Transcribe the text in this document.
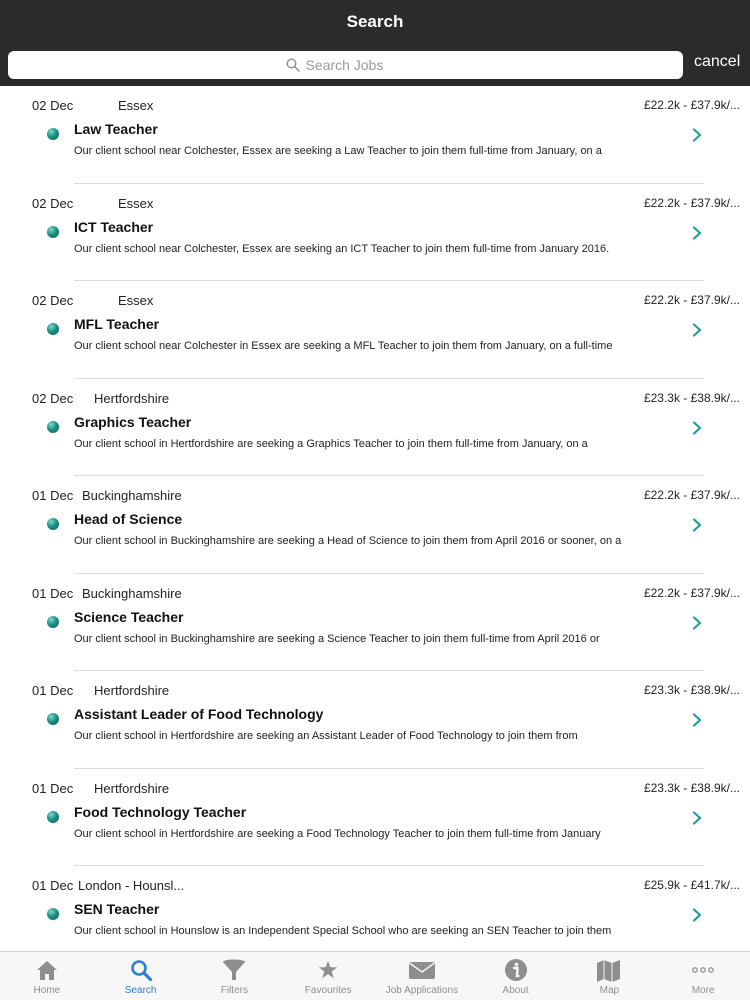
Search
Search Jobs
cancel
02 Dec	Essex	£22.2k - £37.9k/...
Law Teacher
Our client school near Colchester, Essex are seeking a Law Teacher to join them full-time from January, on a
02 Dec	Essex	£22.2k - £37.9k/...
ICT Teacher
Our client school near Colchester, Essex are seeking an ICT Teacher to join them full-time from January 2016.
02 Dec	Essex	£22.2k - £37.9k/...
MFL Teacher
Our client school near Colchester in Essex are seeking a MFL Teacher to join them from January, on a full-time
02 Dec Hertfordshire	£23.3k - £38.9k/...
Graphics Teacher
Our client school in Hertfordshire are seeking a Graphics Teacher to join them full-time from January, on a
01 Dec Buckinghamshire	£22.2k - £37.9k/...
Head of Science
Our client school in Buckinghamshire are seeking a Head of Science to join them from April 2016 or sooner, on a
01 Dec Buckinghamshire	£22.2k - £37.9k/...
Science Teacher
Our client school in Buckinghamshire are seeking a Science Teacher to join them full-time from April 2016 or
01 Dec Hertfordshire	£23.3k - £38.9k/...
Assistant Leader of Food Technology
Our client school in Hertfordshire are seeking an Assistant Leader of Food Technology to join them from
01 Dec Hertfordshire	£23.3k - £38.9k/...
Food Technology Teacher
Our client school in Hertfordshire are seeking a Food Technology Teacher to join them full-time from January
01 Dec London - Hounsl...	£25.9k - £41.7k/...
SEN Teacher
Our client school in Hounslow is an Independent Special School who are seeking an SEN Teacher to join them
Home	Search	Filters	Favourites	Job Applications	About	Map	More
